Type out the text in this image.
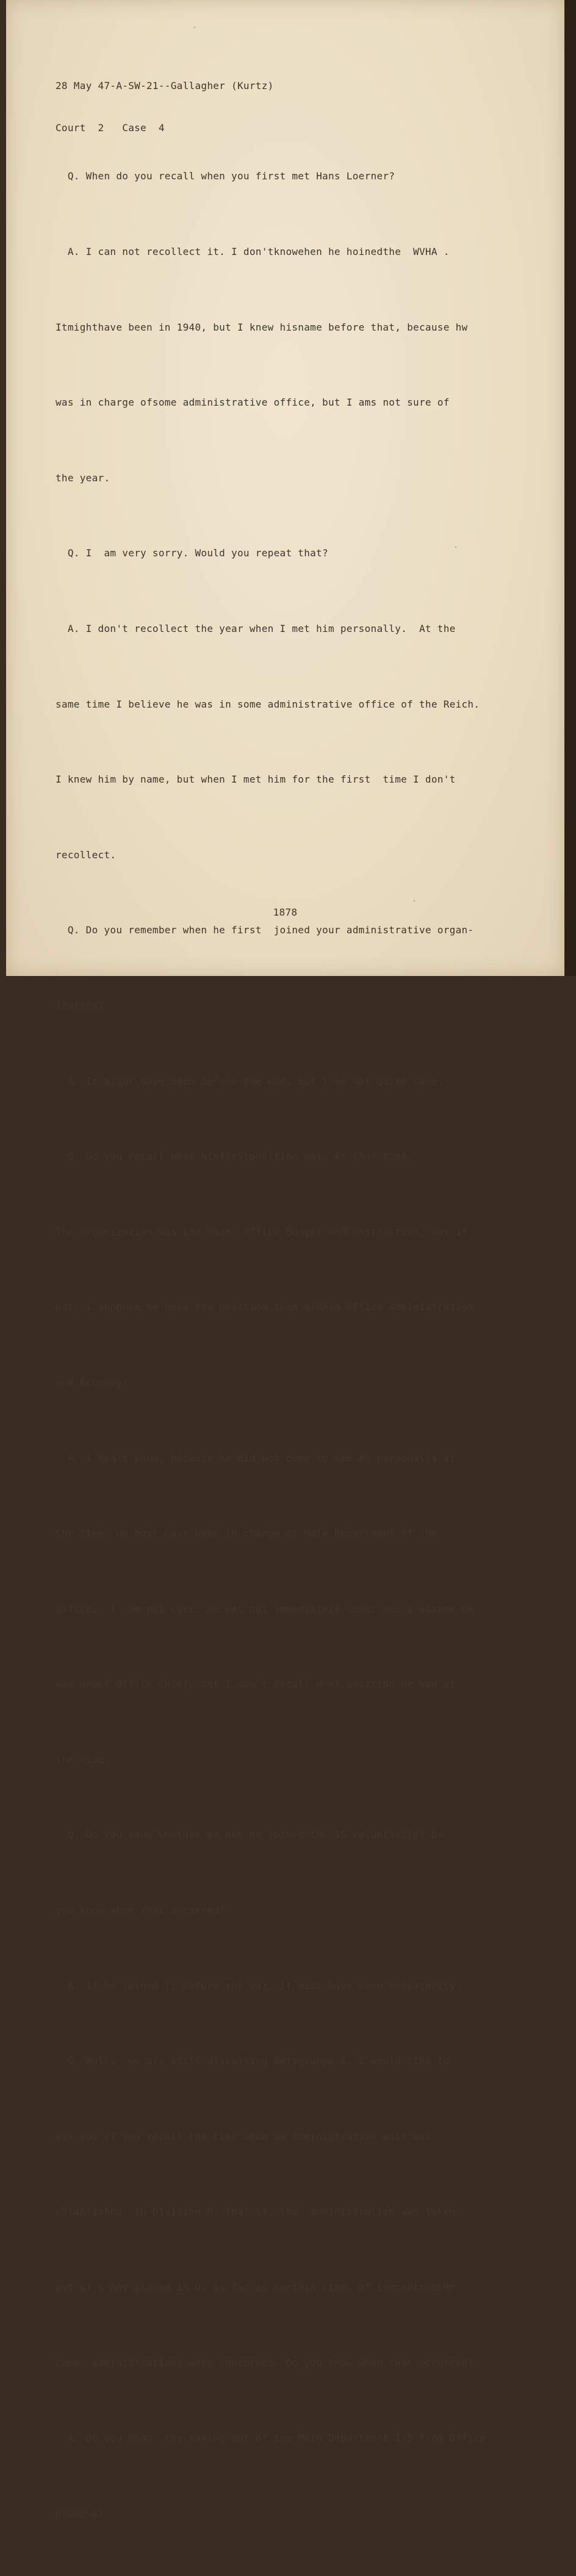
28 May 47-A-SW-21--Gallagher (Kurtz)

Court  2   Case  4

Q. When do you recall when you first met Hans Loerner?

A. I can not recollect it. I don'tknowehen he hoinedthe  WVHA .

Itmighthave been in 1940, but I knew hisname before that, because hw

was in charge ofsome administrative office, but I ams not sure of

the year.

Q. I  am very sorry. Would you repeat that?

A. I don't recollect the year when I met him personally.  At the

same time I believe he was in some administrative office of the Reich.

I knew him by name, but when I met him for the first  time I don't

recollect.

Q. Do you remember when he first  joined your administrative organ-

ization?

A. It might have been before the war, but I am not quite sure.

Q. Do you recall what hisfirstposition was. At that time.

The organization was the Main  Office Budget andConstruction, was it

not? I suppose he held the position then ofMain Office Administration

and Economy?

A. I don't know, because he did not come to see me personally at

the time. He must have been in charge of Main Department of the

Office,  I  am not sure. He was not immediately under me. I assume he

was under Office Chief, but I don't recall what position he had at

the time.

Q. Do you know whether or not he joined the SS voluntarily? Do

you know when that occurred?

A. If he joined it before the war, it must have been voluntarily.

Q. Well,  we are still discussing Amtsgruppe-A. I would like to

ask you if you recall the time when an administrative unit was

established  in Division D. That is, the  administration was taken

out of A and placed in D, as far as certain items of concentration

camp  administrations were concerned. Do you know when that occurred?

A. Do you mean  the taking out of the Main Department 1-5 from Office

Group-A?

1878
